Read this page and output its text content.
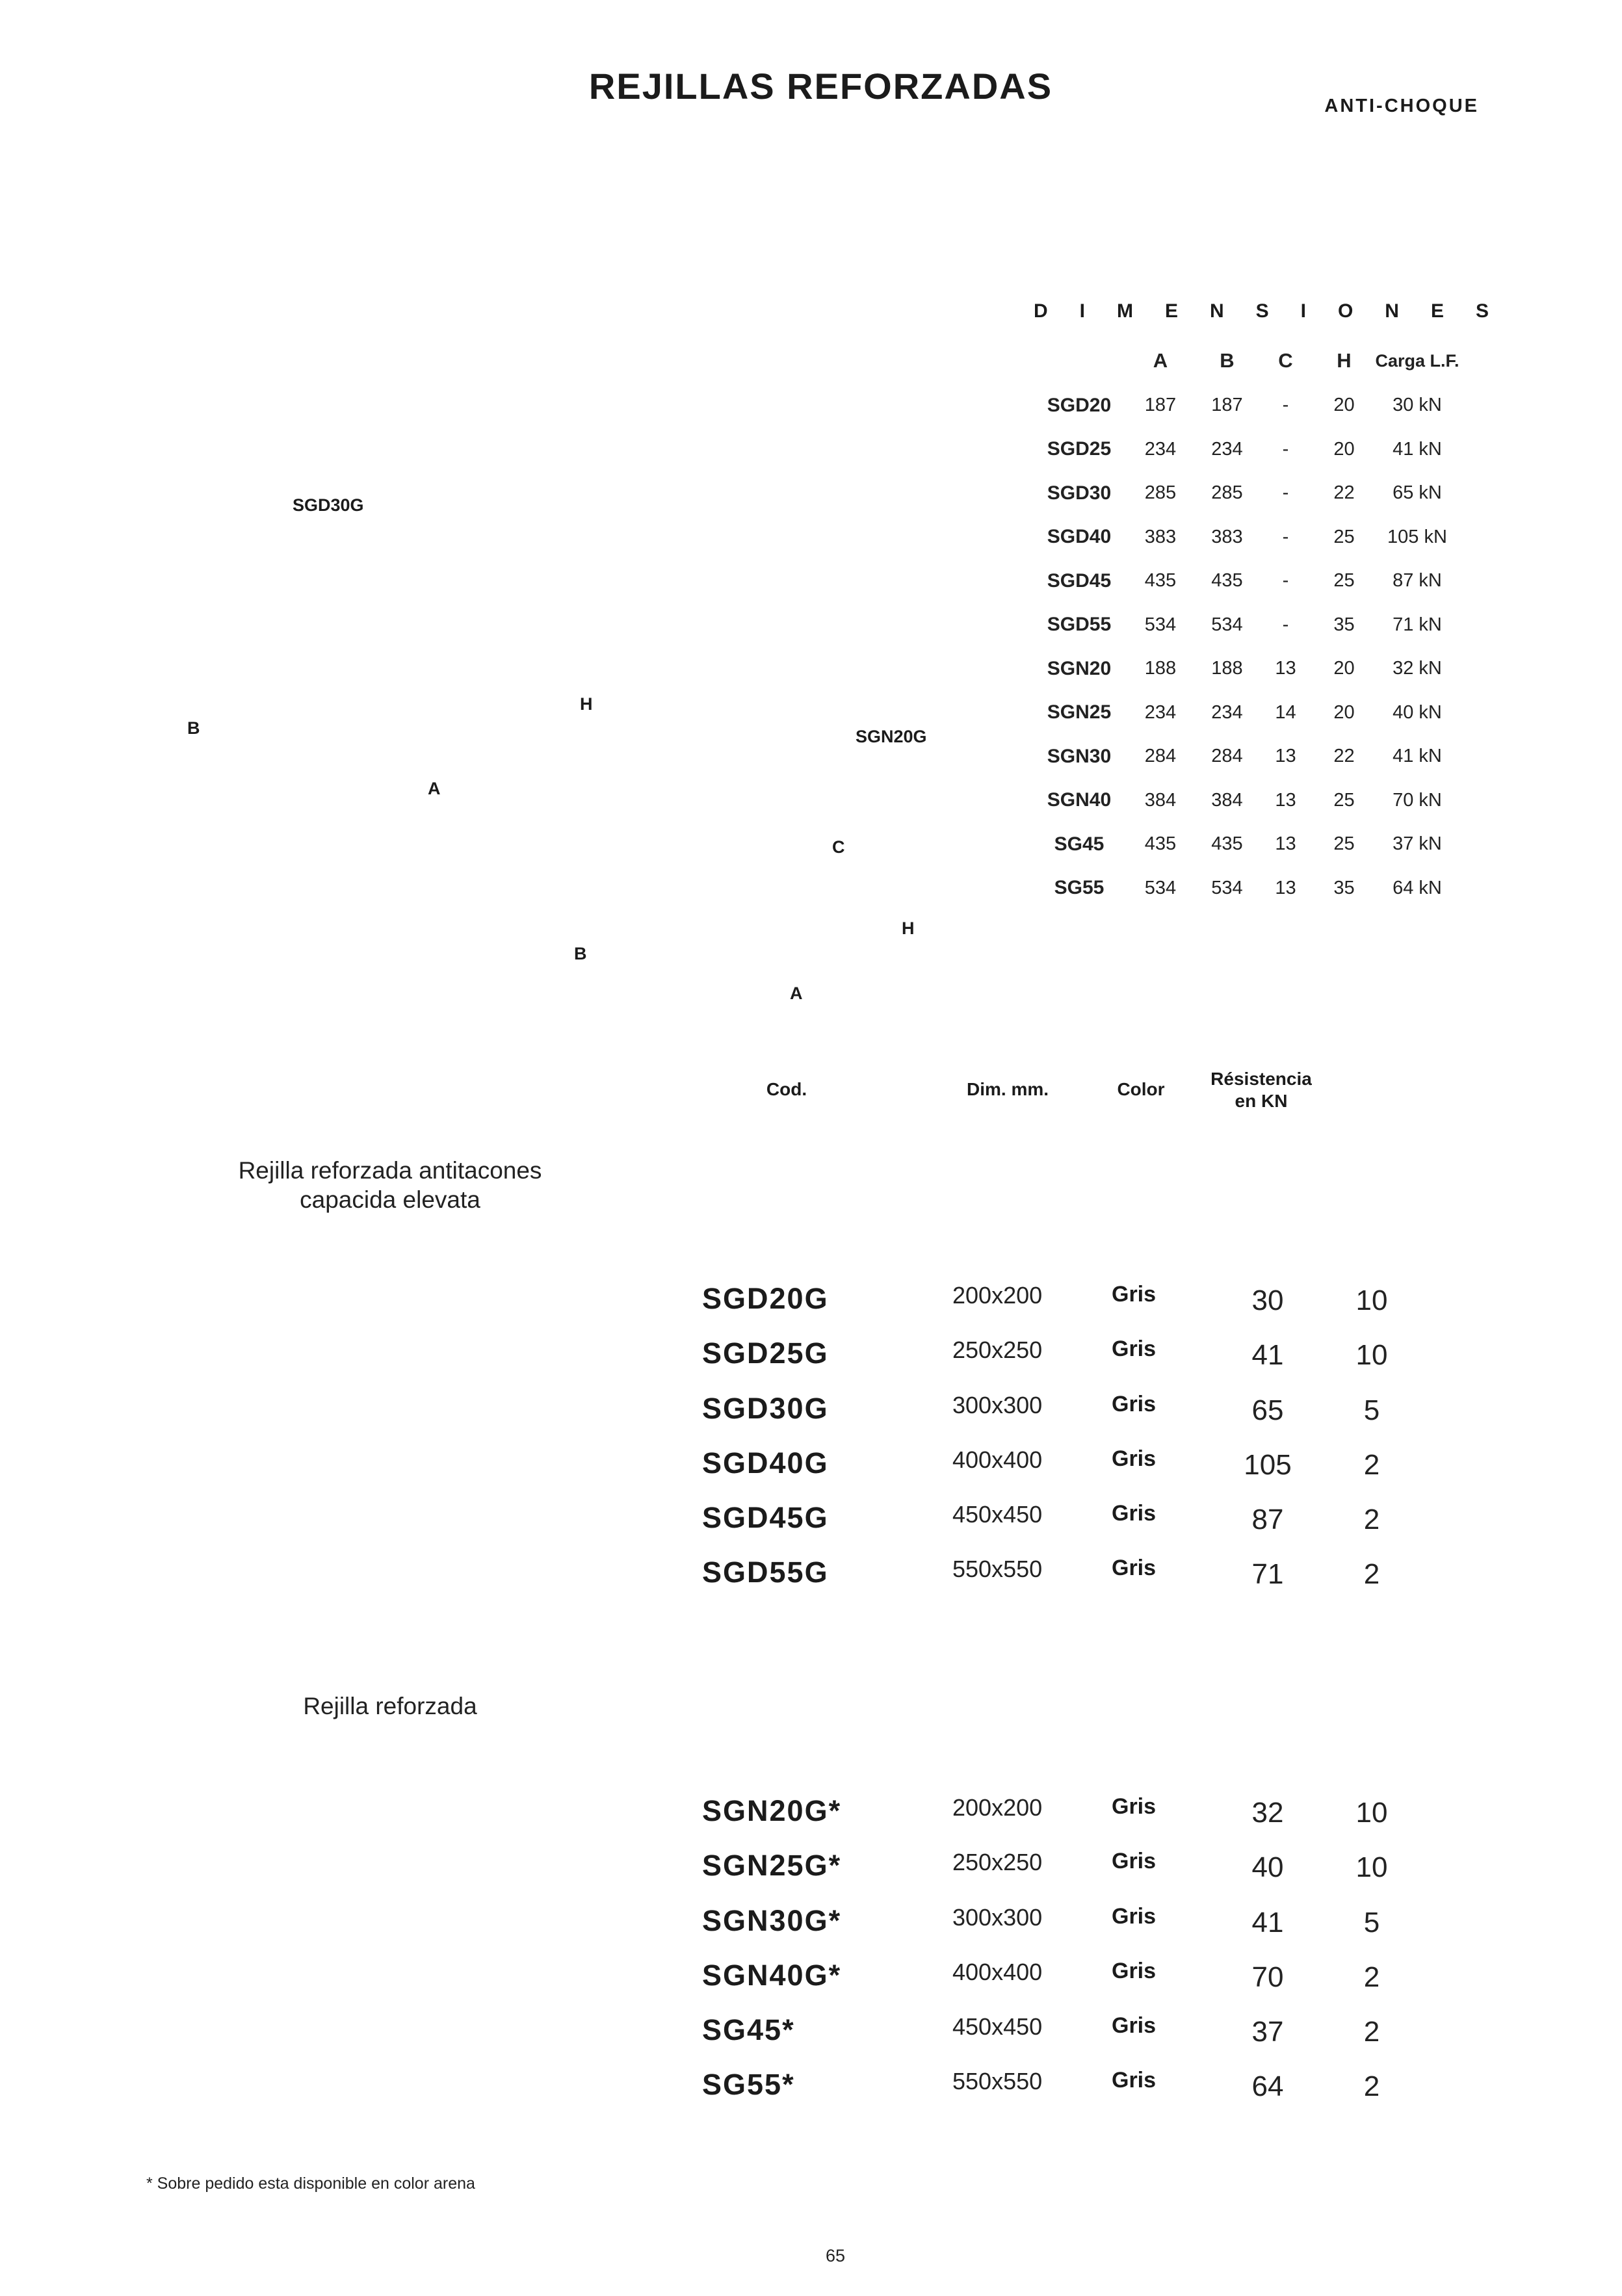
REJILLAS REFORZADAS	ANTI-CHOQUE
SGD30G
H
B	SGN20G
A
C
H
B
A
D I M E N S I O N E S
	A	B	C	H	Carga L.F.
SGD20	187	187	-	20	30 kN
SGD25	234	234	-	20	41 kN
SGD30	285	285	-	22	65 kN
SGD40	383	383	-	25	105 kN
SGD45	435	435	-	25	87 kN
SGD55	534	534	-	35	71 kN
SGN20	188	188	13	20	32 kN
SGN25	234	234	14	20	40 kN
SGN30	284	284	13	22	41 kN
SGN40	384	384	13	25	70 kN
SG45	435	435	13	25	37 kN
SG55	534	534	13	35	64 kN
Cod.	Dim. mm.	Color
Résistencia
en KN
Rejilla reforzada antitacones
capacida elevata
SGD20G	200x200	Gris	30	10
SGD25G	250x250	Gris	41	10
SGD30G	300x300	Gris	65	5
SGD40G	400x400	Gris	105	2
SGD45G	450x450	Gris	87	2
SGD55G	550x550	Gris	71	2
Rejilla reforzada
SGN20G*	200x200	Gris	32	10
SGN25G*	250x250	Gris	40	10
SGN30G*	300x300	Gris	41	5
SGN40G*	400x400	Gris	70	2
SG45*	450x450	Gris	37	2
SG55*	550x550	Gris	64	2
* Sobre pedido esta disponible en color arena
65
